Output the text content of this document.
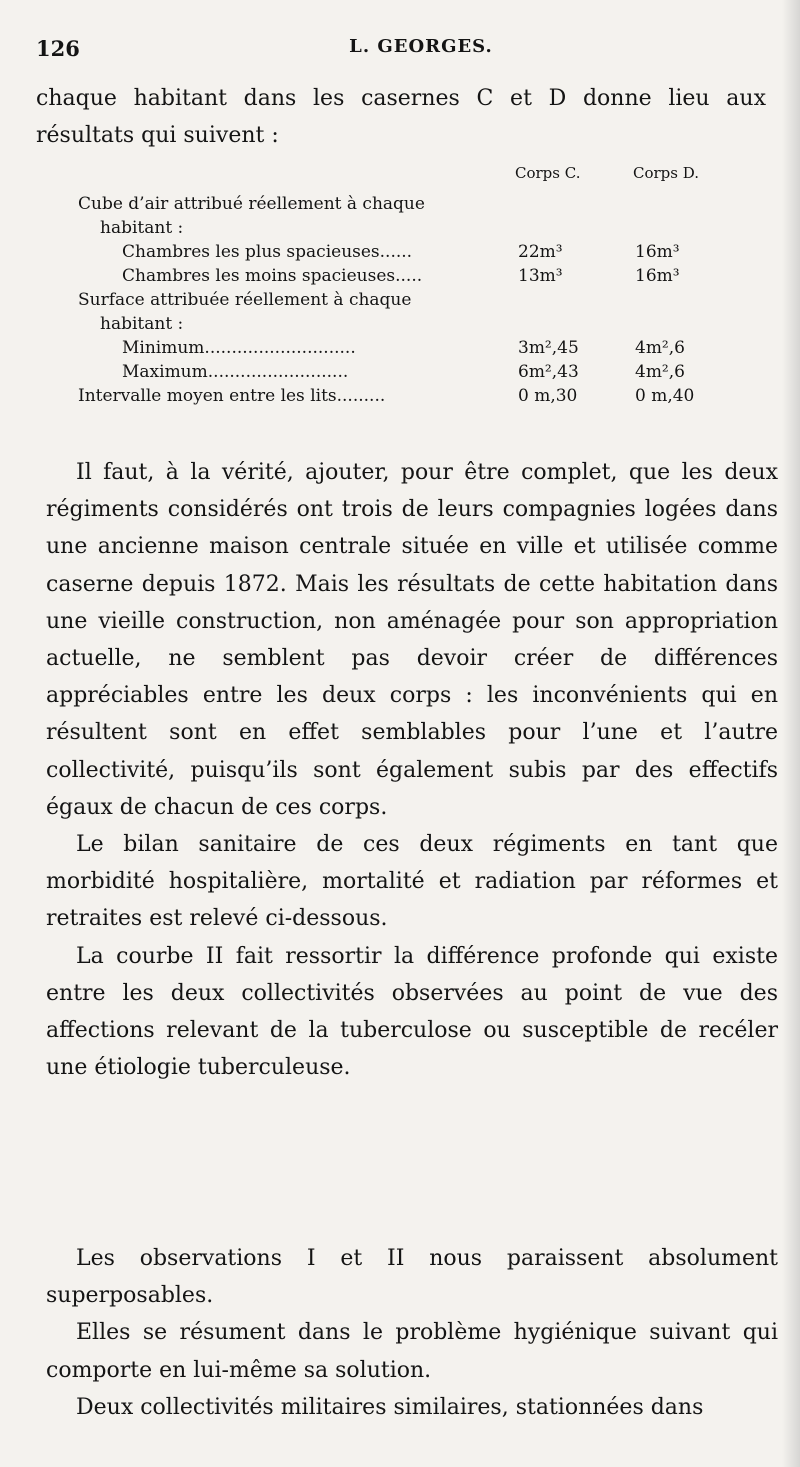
126	L. GEORGES.
chaque habitant dans les casernes C et D donne lieu aux résultats qui suivent :
Corps C.	Corps D.
Cube d’air attribué réellement à chaque
habitant :
Chambres les plus spacieuses......	22m³	16m³
Chambres les moins spacieuses.....	13m³	16m³
Surface attribuée réellement à chaque
habitant :
Minimum............................	3m²,45	4m²,6
Maximum..........................	6m²,43	4m²,6
Intervalle moyen entre les lits.........	0 m,30	0 m,40

Il faut, à la vérité, ajouter, pour être complet, que les deux régiments considérés ont trois de leurs compagnies logées dans une ancienne maison centrale située en ville et utilisée comme caserne depuis 1872. Mais les résultats de cette habitation dans une vieille construction, non aménagée pour son appropriation actuelle, ne semblent pas devoir créer de différences appréciables entre les deux corps : les inconvénients qui en résultent sont en effet semblables pour l’une et l’autre collectivité, puisqu’ils sont également subis par des effectifs égaux de chacun de ces corps.

Le bilan sanitaire de ces deux régiments en tant que morbidité hospitalière, mortalité et radiation par réformes et retraites est relevé ci-dessous.

La courbe II fait ressortir la différence profonde qui existe entre les deux collectivités observées au point de vue des affections relevant de la tuberculose ou susceptible de recéler une étiologie tuberculeuse.

Les observations I et II nous paraissent absolument superposables.

Elles se résument dans le problème hygiénique suivant qui comporte en lui-même sa solution.

Deux collectivités militaires similaires, stationnées dans
